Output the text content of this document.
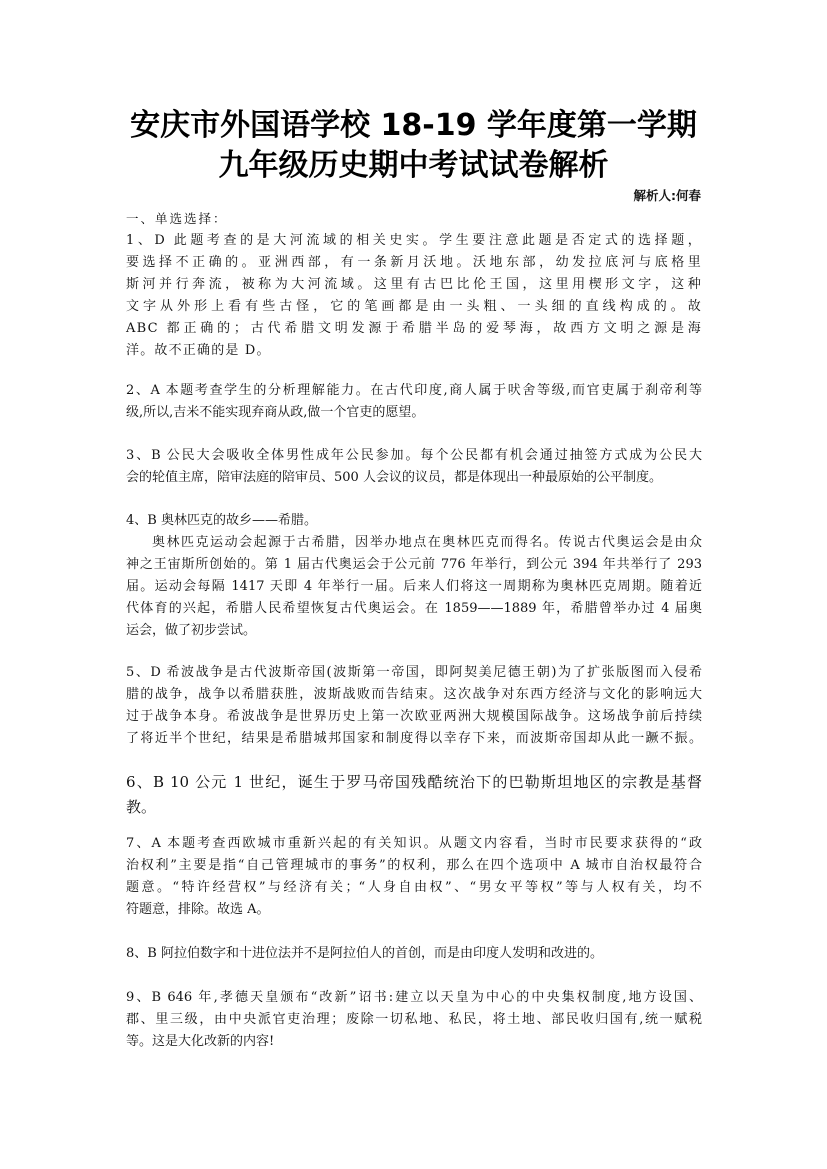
安庆市外国语学校 18-19 学年度第一学期
九年级历史期中考试试卷解析
解析人:何春
一、单选选择：
1、D 此题考查的是大河流域的相关史实。学生要注意此题是否定式的选择题，
要选择不正确的。亚洲西部，有一条新月沃地。沃地东部，幼发拉底河与底格里
斯河并行奔流，被称为大河流域。这里有古巴比伦王国，这里用楔形文字，这种
文字从外形上看有些古怪，它的笔画都是由一头粗、一头细的直线构成的。故
ABC 都正确的；古代希腊文明发源于希腊半岛的爱琴海，故西方文明之源是海
洋。故不正确的是 D。
2、A 本题考查学生的分析理解能力。在古代印度,商人属于吠舍等级,而官吏属于刹帝利等
级,所以,吉米不能实现弃商从政,做一个官吏的愿望。
3、B 公民大会吸收全体男性成年公民参加。每个公民都有机会通过抽签方式成为公民大
会的轮值主席，陪审法庭的陪审员、500 人会议的议员，都是体现出一种最原始的公平制度。
4、B 奥林匹克的故乡——希腊。
奥林匹克运动会起源于古希腊，因举办地点在奥林匹克而得名。传说古代奥运会是由众
神之王宙斯所创始的。第 1 届古代奥运会于公元前 776 年举行，到公元 394 年共举行了 293
届。运动会每隔 1417 天即 4 年举行一届。后来人们将这一周期称为奥林匹克周期。随着近
代体育的兴起，希腊人民希望恢复古代奥运会。在 1859——1889 年，希腊曾举办过 4 届奥
运会，做了初步尝试。
5、D 希波战争是古代波斯帝国(波斯第一帝国，即阿契美尼德王朝)为了扩张版图而入侵希
腊的战争，战争以希腊获胜，波斯战败而告结束。这次战争对东西方经济与文化的影响远大
过于战争本身。希波战争是世界历史上第一次欧亚两洲大规模国际战争。这场战争前后持续
了将近半个世纪，结果是希腊城邦国家和制度得以幸存下来，而波斯帝国却从此一蹶不振。
6、B 10 公元 1 世纪，诞生于罗马帝国残酷统治下的巴勒斯坦地区的宗教是基督
教。
7、A 本题考查西欧城市重新兴起的有关知识。从题文内容看，当时市民要求获得的“政
治权利”主要是指“自己管理城市的事务”的权利，那么在四个选项中 A 城市自治权最符合
题意。“特许经营权”与经济有关；“人身自由权”、“男女平等权”等与人权有关，均不
符题意，排除。故选 A。
8、B 阿拉伯数字和十进位法并不是阿拉伯人的首创，而是由印度人发明和改进的。
9、B 646 年,孝德天皇颁布“改新”诏书:建立以天皇为中心的中央集权制度,地方设国、
郡、里三级，由中央派官吏治理；废除一切私地、私民，将土地、部民收归国有,统一赋税
等。这是大化改新的内容!
